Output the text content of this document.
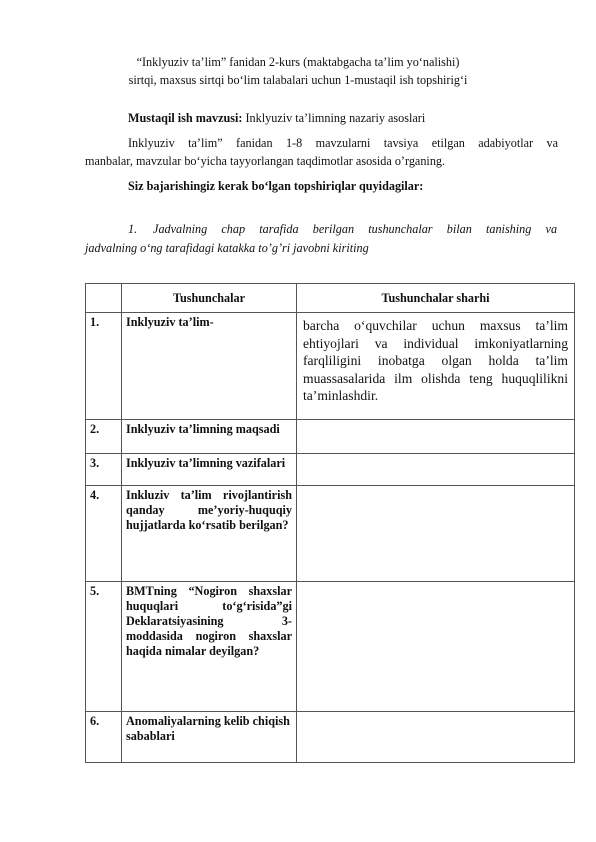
“Inklyuziv ta’lim” fanidan 2-kurs (maktabgacha ta’lim yo‘nalishi)
sirtqi, maxsus sirtqi bo‘lim talabalari uchun 1-mustaqil ish topshirig‘i
Mustaqil ish mavzusi: Inklyuziv ta’limning nazariy asoslari
Inklyuziv ta’lim” fanidan 1-8 mavzularni tavsiya etilgan adabiyotlar va
manbalar, mavzular bo‘yicha tayyorlangan taqdimotlar asosida o’rganing.
Siz bajarishingiz kerak bo‘lgan topshiriqlar quyidagilar:
1. Jadvalning chap tarafida berilgan tushunchalar bilan tanishing va
jadvalning o‘ng tarafidagi katakka to’g’ri javobni kiriting
	Tushunchalar	Tushunchalar sharhi
1.	Inklyuziv ta’lim-	barcha o‘quvchilar uchun maxsus ta’lim ehtiyojlari va individual imkoniyatlarning farqliligini inobatga olgan holda ta’lim muassasalarida ilm olishda teng huquqlilikni ta’minlashdir.
2.	Inklyuziv ta’limning maqsadi	
3.	Inklyuziv ta’limning vazifalari	
4.	Inkluziv ta’lim rivojlantirish qanday me’yoriy-huquqiy hujjatlarda ko‘rsatib berilgan?	
5.	BMTning “Nogiron shaxslar huquqlari to‘g‘risida”gi Deklaratsiyasining 3-moddasida nogiron shaxslar haqida nimalar deyilgan?	
6.	Anomaliyalarning kelib chiqish sabablari	
